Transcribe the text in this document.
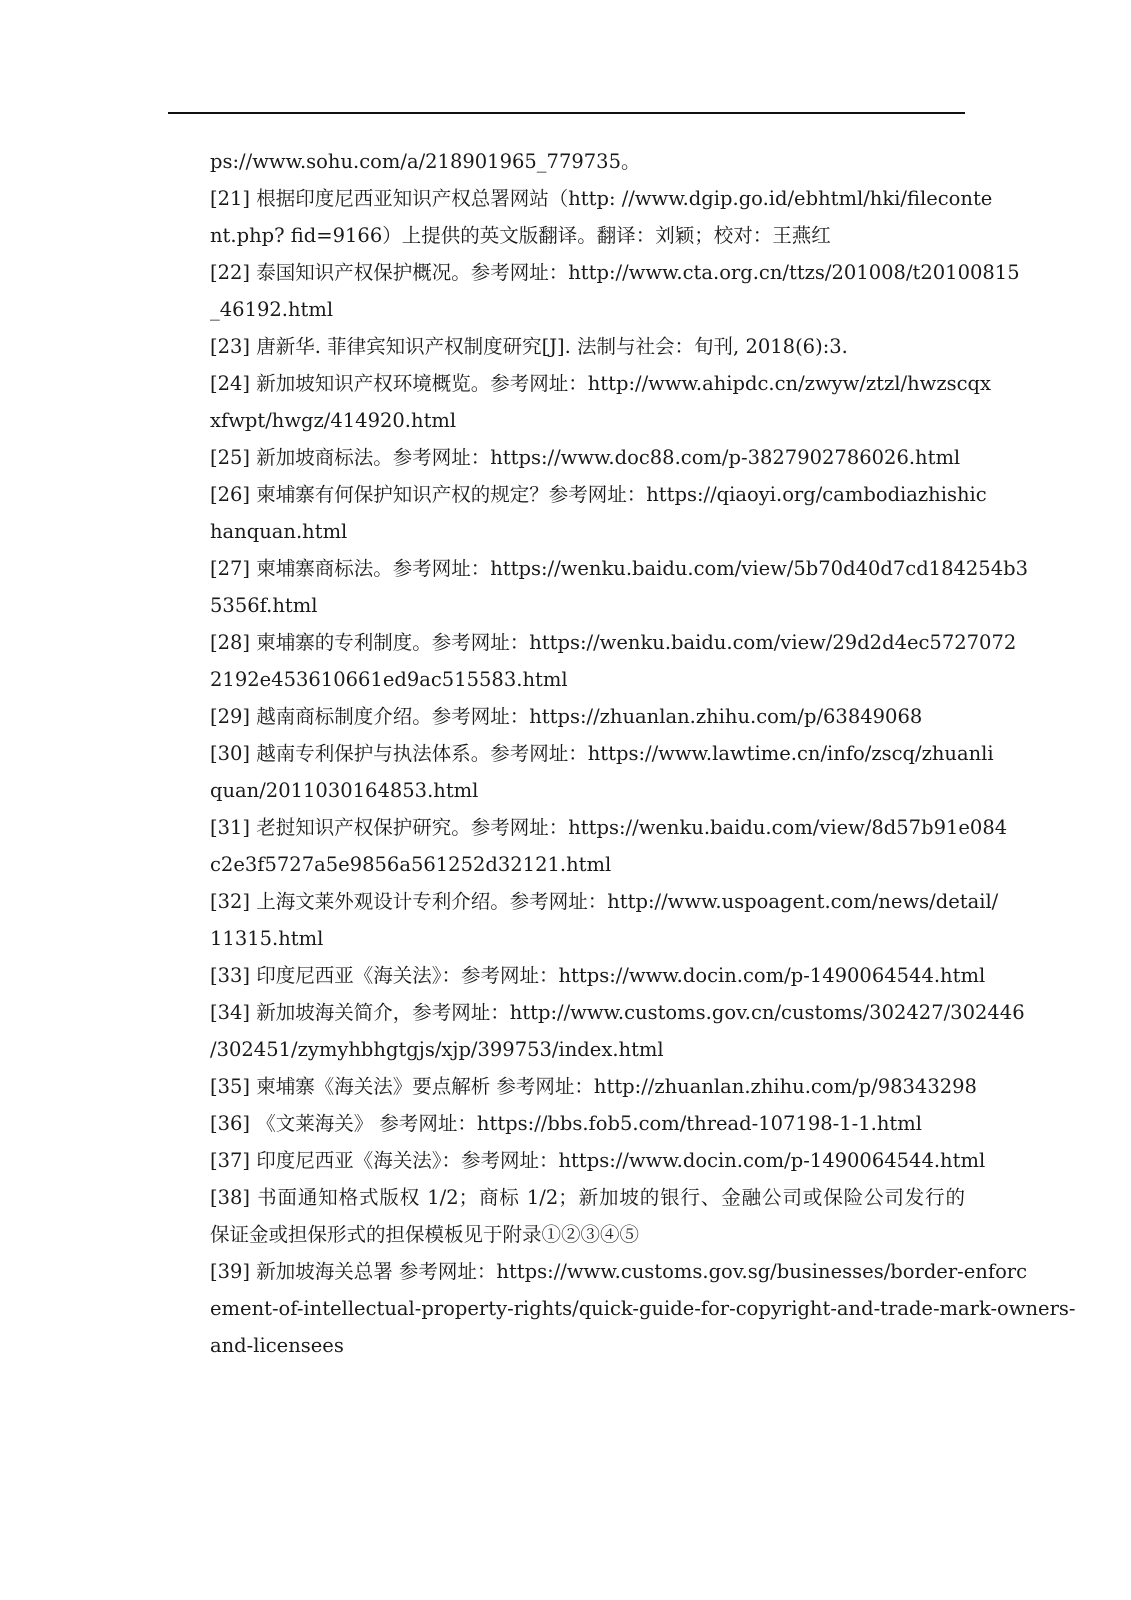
ps://www.sohu.com/a/218901965_779735。
[21] 根据印度尼西亚知识产权总署网站（http: //www.dgip.go.id/ebhtml/hki/fileconte
nt.php? fid=9166）上提供的英文版翻译。翻译：刘颖；校对：王燕红
[22] 泰国知识产权保护概况。参考网址：http://www.cta.org.cn/ttzs/201008/t20100815
_46192.html
[23] 唐新华. 菲律宾知识产权制度研究[J]. 法制与社会：旬刊, 2018(6):3.
[24] 新加坡知识产权环境概览。参考网址：http://www.ahipdc.cn/zwyw/ztzl/hwzscqx
xfwpt/hwgz/414920.html
[25] 新加坡商标法。参考网址：https://www.doc88.com/p-3827902786026.html
[26] 柬埔寨有何保护知识产权的规定？参考网址：https://qiaoyi.org/cambodiazhishic
hanquan.html
[27] 柬埔寨商标法。参考网址：https://wenku.baidu.com/view/5b70d40d7cd184254b3
5356f.html
[28] 柬埔寨的专利制度。参考网址：https://wenku.baidu.com/view/29d2d4ec5727072
2192e453610661ed9ac515583.html
[29] 越南商标制度介绍。参考网址：https://zhuanlan.zhihu.com/p/63849068
[30] 越南专利保护与执法体系。参考网址：https://www.lawtime.cn/info/zscq/zhuanli
quan/2011030164853.html
[31] 老挝知识产权保护研究。参考网址：https://wenku.baidu.com/view/8d57b91e084
c2e3f5727a5e9856a561252d32121.html
[32] 上海文莱外观设计专利介绍。参考网址：http://www.uspoagent.com/news/detail/
11315.html
[33] 印度尼西亚《海关法》：参考网址：https://www.docin.com/p-1490064544.html
[34] 新加坡海关简介，参考网址：http://www.customs.gov.cn/customs/302427/302446
/302451/zymyhbhgtgjs/xjp/399753/index.html
[35] 柬埔寨《海关法》要点解析 参考网址：http://zhuanlan.zhihu.com/p/98343298
[36] 《文莱海关》 参考网址：https://bbs.fob5.com/thread-107198-1-1.html
[37] 印度尼西亚《海关法》：参考网址：https://www.docin.com/p-1490064544.html
[38] 书面通知格式版权 1/2；商标 1/2；新加坡的银行、金融公司或保险公司发行的
保证金或担保形式的担保模板见于附录①②③④⑤
[39] 新加坡海关总署 参考网址：https://www.customs.gov.sg/businesses/border-enforc
ement-of-intellectual-property-rights/quick-guide-for-copyright-and-trade-mark-owners-
and-licensees
